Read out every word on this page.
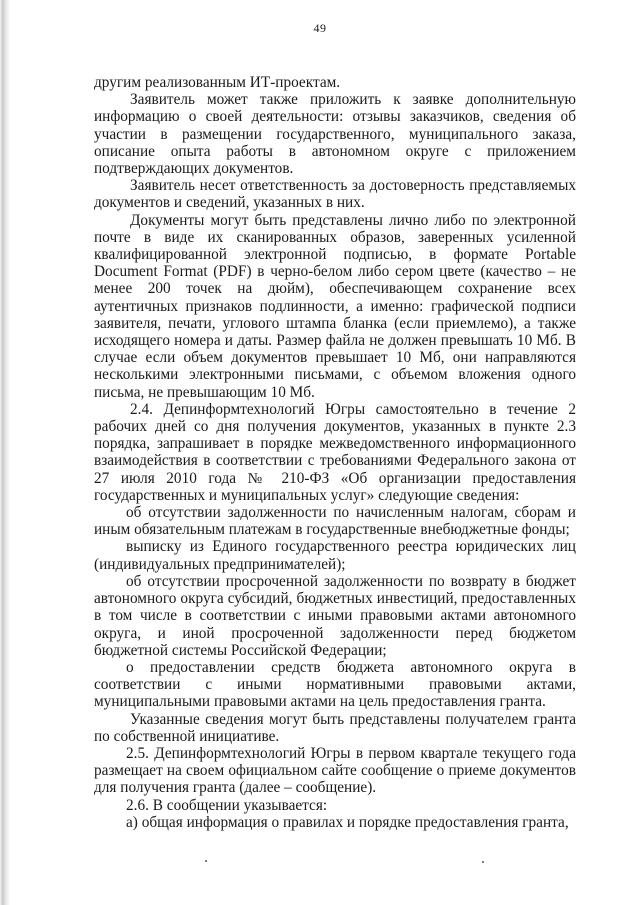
49

другим реализованным ИТ-проектам.

Заявитель может также приложить к заявке дополнительную информацию о своей деятельности: отзывы заказчиков, сведения об участии в размещении государственного, муниципального заказа, описание опыта работы в автономном округе с приложением подтверждающих документов.

Заявитель несет ответственность за достоверность представляемых документов и сведений, указанных в них.

Документы могут быть представлены лично либо по электронной почте в виде их сканированных образов, заверенных усиленной квалифицированной электронной подписью, в формате Portable Document Format (PDF) в черно-белом либо сером цвете (качество – не менее 200 точек на дюйм), обеспечивающем сохранение всех аутентичных признаков подлинности, а именно: графической подписи заявителя, печати, углового штампа бланка (если приемлемо), а также исходящего номера и даты. Размер файла не должен превышать 10 Мб. В случае если объем документов превышает 10 Мб, они направляются несколькими электронными письмами, с объемом вложения одного письма, не превышающим 10 Мб.

2.4. Депинформтехнологий Югры самостоятельно в течение 2 рабочих дней со дня получения документов, указанных в пункте 2.3 порядка, запрашивает в порядке межведомственного информационного взаимодействия в соответствии с требованиями Федерального закона от 27 июля 2010 года № 210-ФЗ «Об организации предоставления государственных и муниципальных услуг» следующие сведения:

об отсутствии задолженности по начисленным налогам, сборам и иным обязательным платежам в государственные внебюджетные фонды;

выписку из Единого государственного реестра юридических лиц (индивидуальных предпринимателей);

об отсутствии просроченной задолженности по возврату в бюджет автономного округа субсидий, бюджетных инвестиций, предоставленных в том числе в соответствии с иными правовыми актами автономного округа, и иной просроченной задолженности перед бюджетом бюджетной системы Российской Федерации;

о предоставлении средств бюджета автономного округа в соответствии с иными нормативными правовыми актами, муниципальными правовыми актами на цель предоставления гранта.

Указанные сведения могут быть представлены получателем гранта по собственной инициативе.

2.5. Депинформтехнологий Югры в первом квартале текущего года размещает на своем официальном сайте сообщение о приеме документов для получения гранта (далее – сообщение).

2.6. В сообщении указывается:

а) общая информация о правилах и порядке предоставления гранта,
